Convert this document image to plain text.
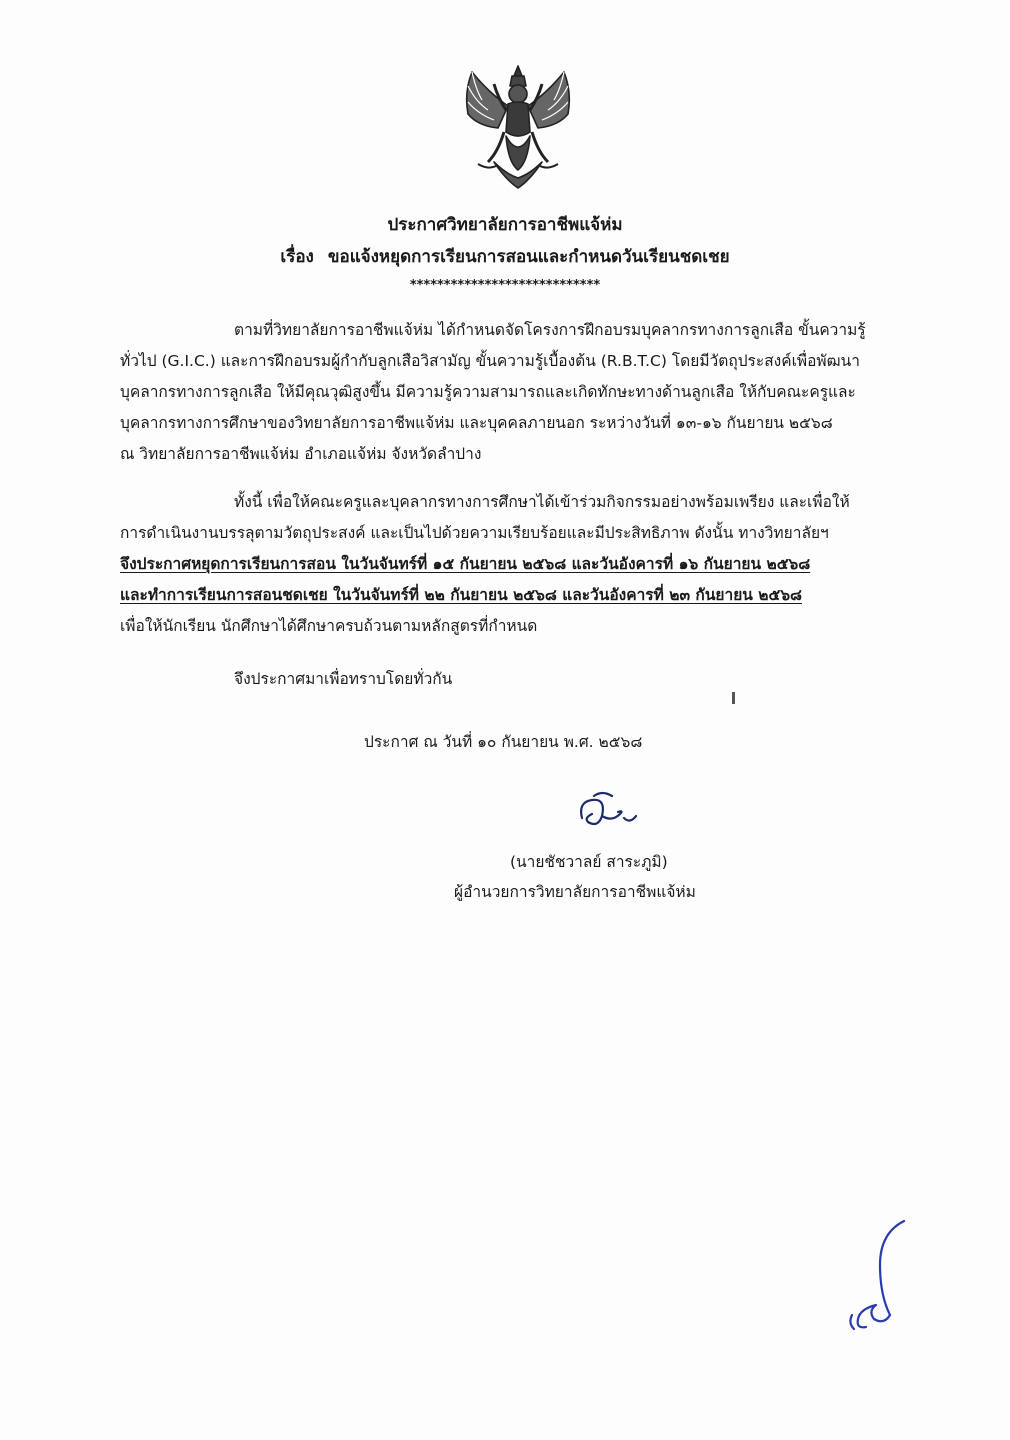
ประกาศวิทยาลัยการอาชีพแจ้ห่ม
เรื่อง ขอแจ้งหยุดการเรียนการสอนและกำหนดวันเรียนชดเชย
****************************
ตามที่วิทยาลัยการอาชีพแจ้ห่ม ได้กำหนดจัดโครงการฝึกอบรมบุคลากรทางการลูกเสือ ขั้นความรู้
ทั่วไป (G.I.C.) และการฝึกอบรมผู้กำกับลูกเสือวิสามัญ ขั้นความรู้เบื้องต้น (R.B.T.C) โดยมีวัตถุประสงค์เพื่อพัฒนา
บุคลากรทางการลูกเสือ ให้มีคุณวุฒิสูงขึ้น มีความรู้ความสามารถและเกิดทักษะทางด้านลูกเสือ ให้กับคณะครูและ
บุคลากรทางการศึกษาของวิทยาลัยการอาชีพแจ้ห่ม และบุคคลภายนอก ระหว่างวันที่ ๑๓-๑๖ กันยายน ๒๕๖๘
ณ วิทยาลัยการอาชีพแจ้ห่ม อำเภอแจ้ห่ม จังหวัดลำปาง
ทั้งนี้ เพื่อให้คณะครูและบุคลากรทางการศึกษาได้เข้าร่วมกิจกรรมอย่างพร้อมเพรียง และเพื่อให้
การดำเนินงานบรรลุตามวัตถุประสงค์ และเป็นไปด้วยความเรียบร้อยและมีประสิทธิภาพ ดังนั้น ทางวิทยาลัยฯ
จึงประกาศหยุดการเรียนการสอน ในวันจันทร์ที่ ๑๕ กันยายน ๒๕๖๘ และวันอังคารที่ ๑๖ กันยายน ๒๕๖๘
และทำการเรียนการสอนชดเชย ในวันจันทร์ที่ ๒๒ กันยายน ๒๕๖๘ และวันอังคารที่ ๒๓ กันยายน ๒๕๖๘
เพื่อให้นักเรียน นักศึกษาได้ศึกษาครบถ้วนตามหลักสูตรที่กำหนด
จึงประกาศมาเพื่อทราบโดยทั่วกัน
ประกาศ ณ วันที่ ๑๐ กันยายน พ.ศ. ๒๕๖๘
(นายชัชวาลย์ สาระภูมิ)
ผู้อำนวยการวิทยาลัยการอาชีพแจ้ห่ม
